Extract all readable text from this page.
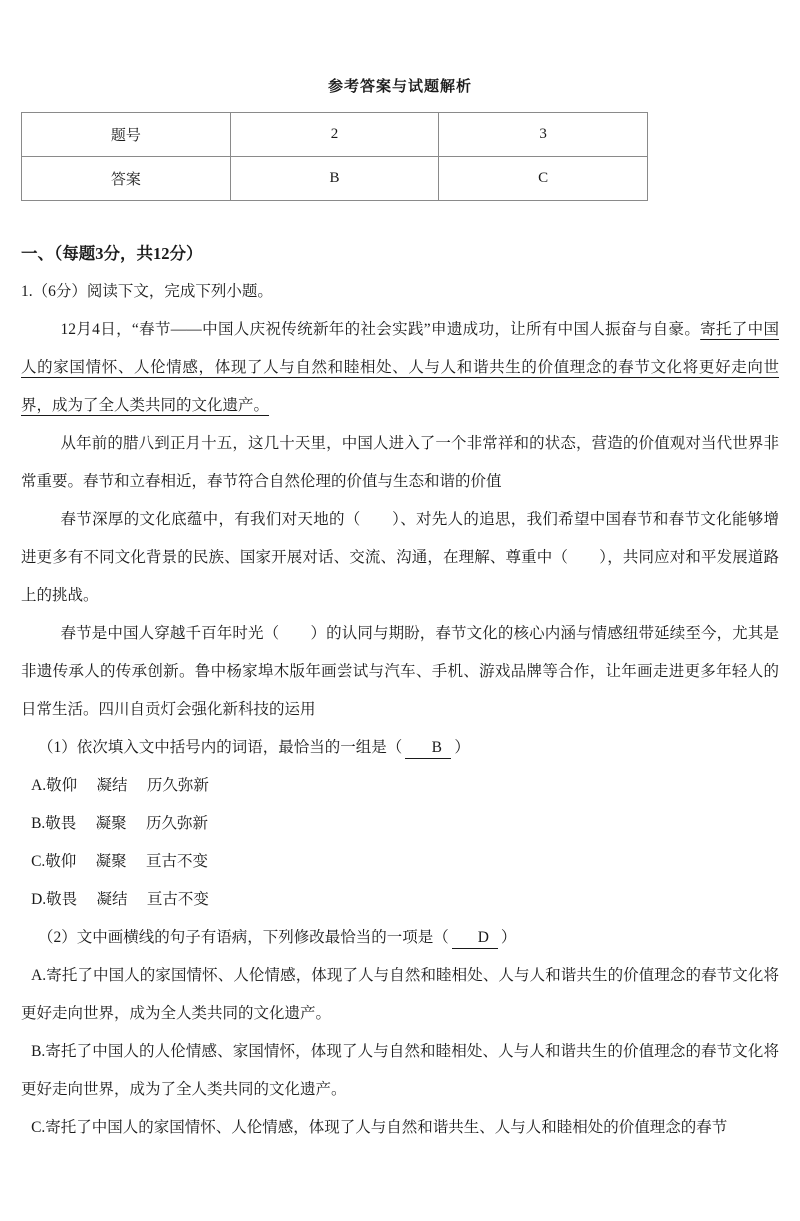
参考答案与试题解析
题号	2	3
答案	B	C

一、（每题3分，共12分）

1.（6分）阅读下文，完成下列小题。

12月4日，“春节——中国人庆祝传统新年的社会实践”申遗成功，让所有中国人振奋与自豪。寄托了中国人的家国情怀、人伦情感，体现了人与自然和睦相处、人与人和谐共生的价值理念的春节文化将更好走向世界，成为了全人类共同的文化遗产。

从年前的腊八到正月十五，这几十天里，中国人进入了一个非常祥和的状态，营造的价值观对当代世界非常重要。春节和立春相近，春节符合自然伦理的价值与生态和谐的价值

春节深厚的文化底蕴中，有我们对天地的（　　）、对先人的追思，我们希望中国春节和春节文化能够增进更多有不同文化背景的民族、国家开展对话、交流、沟通，在理解、尊重中（　　），共同应对和平发展道路上的挑战。

春节是中国人穿越千百年时光（　　）的认同与期盼，春节文化的核心内涵与情感纽带延续至今，尤其是非遗传承人的传承创新。鲁中杨家埠木版年画尝试与汽车、手机、游戏品牌等合作，让年画走进更多年轻人的日常生活。四川自贡灯会强化新科技的运用

（1）依次填入文中括号内的词语，最恰当的一组是（ B ）

A.敬仰　 凝结　 历久弥新

B.敬畏　 凝聚　 历久弥新

C.敬仰　 凝聚　 亘古不变

D.敬畏　 凝结　 亘古不变

（2）文中画横线的句子有语病，下列修改最恰当的一项是（ D ）

A.寄托了中国人的家国情怀、人伦情感，体现了人与自然和睦相处、人与人和谐共生的价值理念的春节文化将更好走向世界，成为全人类共同的文化遗产。

B.寄托了中国人的人伦情感、家国情怀，体现了人与自然和睦相处、人与人和谐共生的价值理念的春节文化将更好走向世界，成为了全人类共同的文化遗产。

C.寄托了中国人的家国情怀、人伦情感，体现了人与自然和谐共生、人与人和睦相处的价值理念的春节
